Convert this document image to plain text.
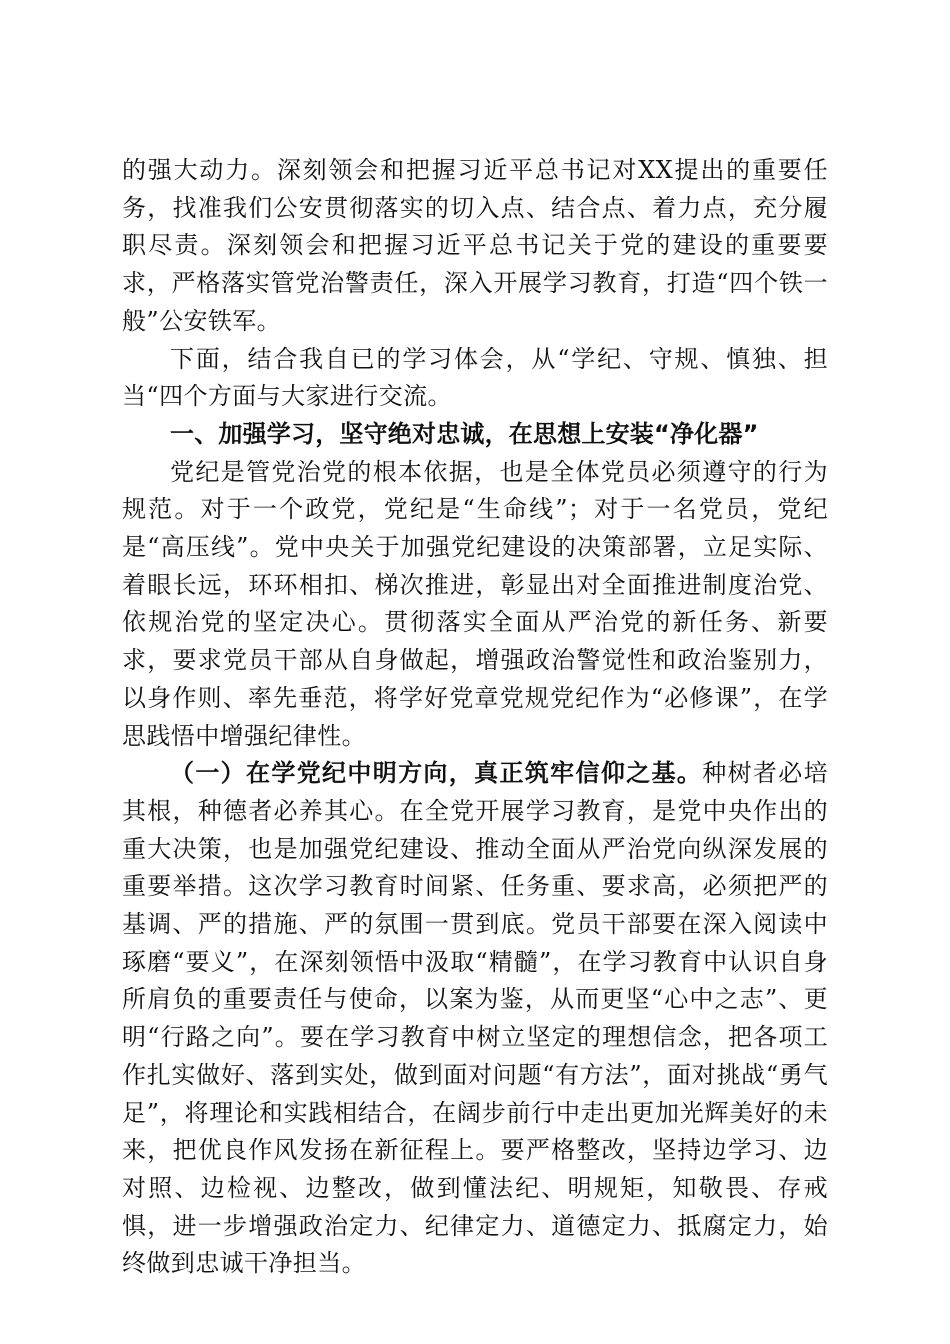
的强大动力。深刻领会和把握习近平总书记对XX提出的重要任务，找准我们公安贯彻落实的切入点、结合点、着力点，充分履职尽责。深刻领会和把握习近平总书记关于党的建设的重要要求，严格落实管党治警责任，深入开展学习教育，打造“四个铁一般”公安铁军。

下面，结合我自已的学习体会，从“学纪、守规、慎独、担当“四个方面与大家进行交流。

一、加强学习，坚守绝对忠诚，在思想上安装“净化器”

党纪是管党治党的根本依据，也是全体党员必须遵守的行为规范。对于一个政党，党纪是“生命线”；对于一名党员，党纪是“高压线”。党中央关于加强党纪建设的决策部署，立足实际、着眼长远，环环相扣、梯次推进，彰显出对全面推进制度治党、依规治党的坚定决心。贯彻落实全面从严治党的新任务、新要求，要求党员干部从自身做起，增强政治警觉性和政治鉴别力，以身作则、率先垂范，将学好党章党规党纪作为“必修课”，在学思践悟中增强纪律性。

（一）在学党纪中明方向，真正筑牢信仰之基。种树者必培其根，种德者必养其心。在全党开展学习教育，是党中央作出的重大决策，也是加强党纪建设、推动全面从严治党向纵深发展的重要举措。这次学习教育时间紧、任务重、要求高，必须把严的基调、严的措施、严的氛围一贯到底。党员干部要在深入阅读中琢磨“要义”，在深刻领悟中汲取“精髓”，在学习教育中认识自身所肩负的重要责任与使命，以案为鉴，从而更坚“心中之志”、更明“行路之向”。要在学习教育中树立坚定的理想信念，把各项工作扎实做好、落到实处，做到面对问题“有方法”，面对挑战“勇气足”，将理论和实践相结合，在阔步前行中走出更加光辉美好的未来，把优良作风发扬在新征程上。要严格整改，坚持边学习、边对照、边检视、边整改，做到懂法纪、明规矩，知敬畏、存戒惧，进一步增强政治定力、纪律定力、道德定力、抵腐定力，始终做到忠诚干净担当。
